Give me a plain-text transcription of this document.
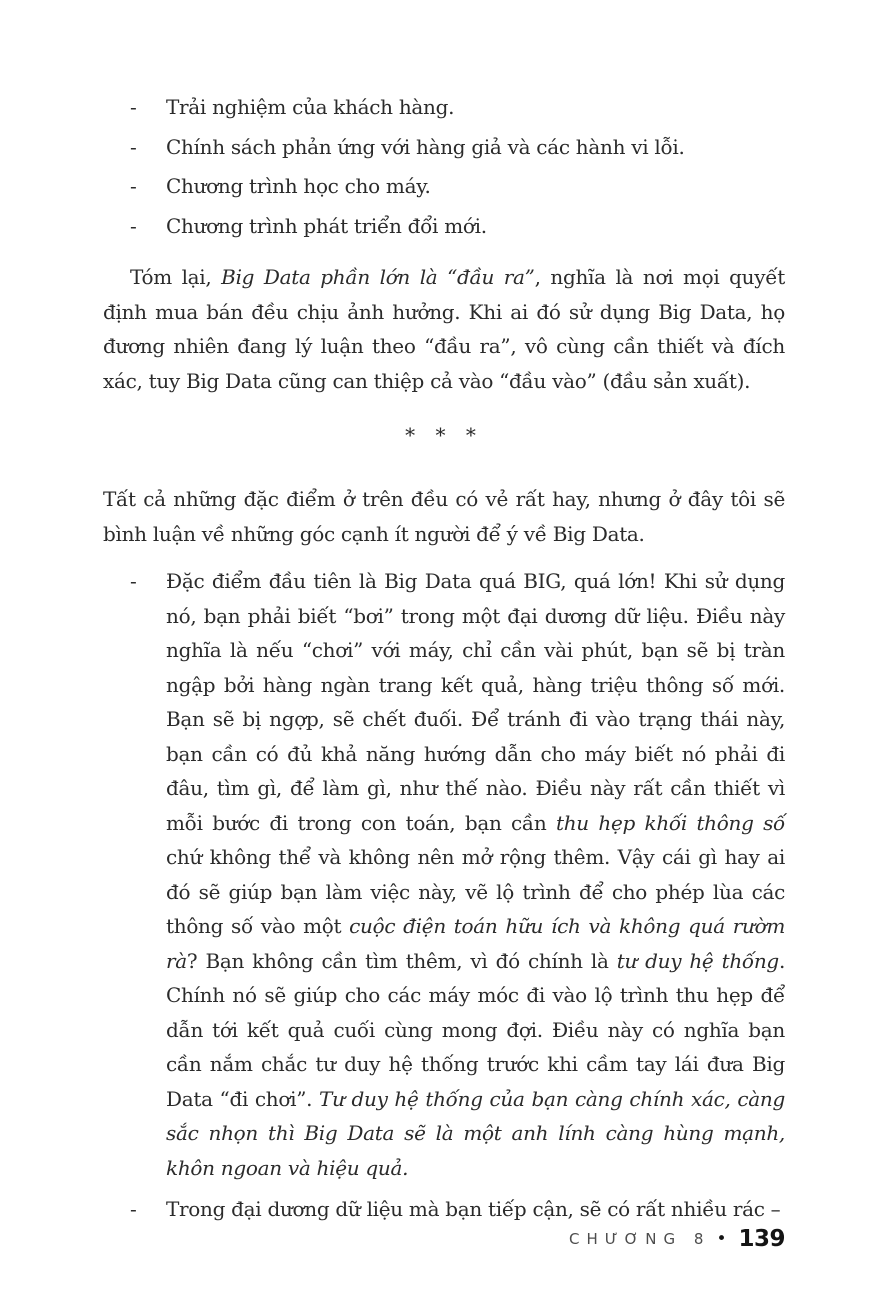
-	Trải nghiệm của khách hàng.
-	Chính sách phản ứng với hàng giả và các hành vi lỗi.
-	Chương trình học cho máy.
-	Chương trình phát triển đổi mới.

Tóm lại, Big Data phần lớn là “đầu ra”, nghĩa là nơi mọi quyết định mua bán đều chịu ảnh hưởng. Khi ai đó sử dụng Big Data, họ đương nhiên đang lý luận theo “đầu ra”, vô cùng cần thiết và đích xác, tuy Big Data cũng can thiệp cả vào “đầu vào” (đầu sản xuất).

* * *

Tất cả những đặc điểm ở trên đều có vẻ rất hay, nhưng ở đây tôi sẽ bình luận về những góc cạnh ít người để ý về Big Data.

-	Đặc điểm đầu tiên là Big Data quá BIG, quá lớn! Khi sử dụng nó, bạn phải biết “bơi” trong một đại dương dữ liệu. Điều này nghĩa là nếu “chơi” với máy, chỉ cần vài phút, bạn sẽ bị tràn ngập bởi hàng ngàn trang kết quả, hàng triệu thông số mới. Bạn sẽ bị ngợp, sẽ chết đuối. Để tránh đi vào trạng thái này, bạn cần có đủ khả năng hướng dẫn cho máy biết nó phải đi đâu, tìm gì, để làm gì, như thế nào. Điều này rất cần thiết vì mỗi bước đi trong con toán, bạn cần thu hẹp khối thông số chứ không thể và không nên mở rộng thêm. Vậy cái gì hay ai đó sẽ giúp bạn làm việc này, vẽ lộ trình để cho phép lùa các thông số vào một cuộc điện toán hữu ích và không quá rườm rà? Bạn không cần tìm thêm, vì đó chính là tư duy hệ thống. Chính nó sẽ giúp cho các máy móc đi vào lộ trình thu hẹp để dẫn tới kết quả cuối cùng mong đợi. Điều này có nghĩa bạn cần nắm chắc tư duy hệ thống trước khi cầm tay lái đưa Big Data “đi chơi”. Tư duy hệ thống của bạn càng chính xác, càng sắc nhọn thì Big Data sẽ là một anh lính càng hùng mạnh, khôn ngoan và hiệu quả.
-	Trong đại dương dữ liệu mà bạn tiếp cận, sẽ có rất nhiều rác –
CHƯƠNG 8 • 139
